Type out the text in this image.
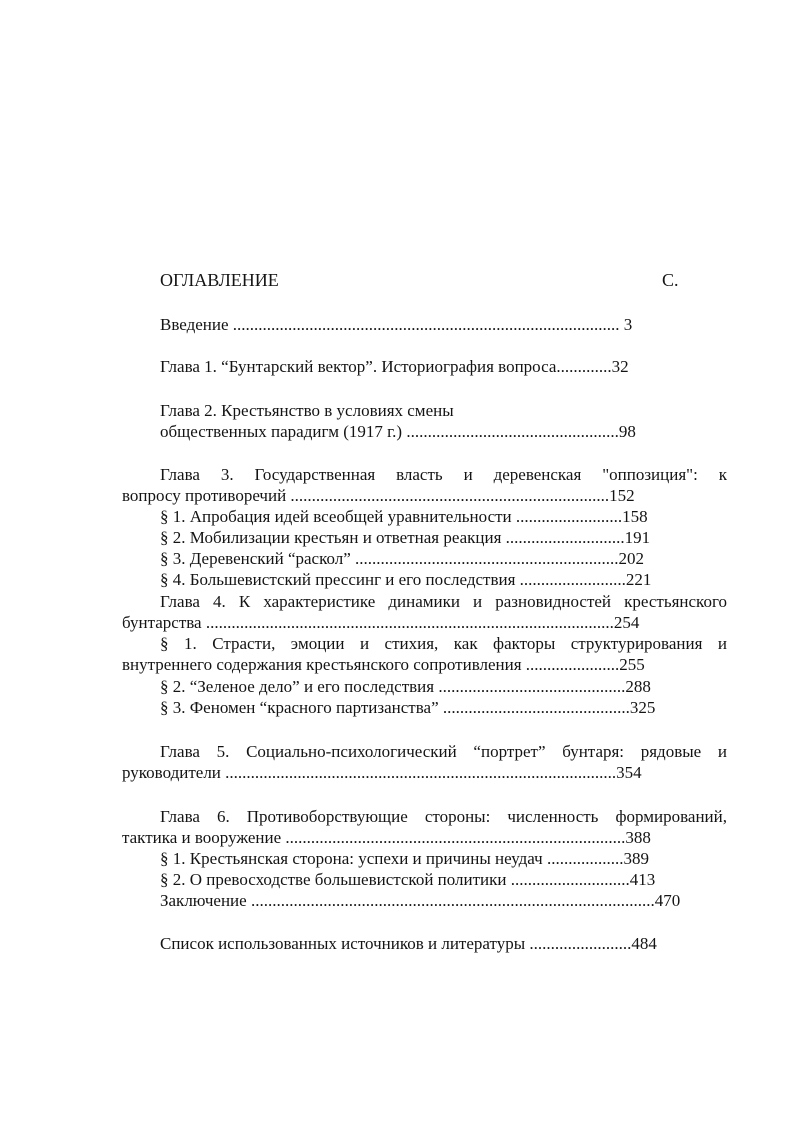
ОГЛАВЛЕНИЕ	С.
Введение ........................................................................................... 3
Глава 1. “Бунтарский вектор”. Историография вопроса.............32
Глава 2. Крестьянство в условиях смены
общественных парадигм (1917 г.) ..................................................98
Глава 3. Государственная власть и деревенская "оппозиция": к
вопросу противоречий ...........................................................................152
§ 1. Апробация идей всеобщей уравнительности .........................158
§ 2. Мобилизации крестьян и ответная реакция ............................191
§ 3. Деревенский “раскол” ..............................................................202
§ 4. Большевистский прессинг и его последствия .........................221
Глава 4. К характеристике динамики и разновидностей крестьянского
бунтарства ................................................................................................254
§ 1. Страсти, эмоции и стихия, как факторы структурирования и
внутреннего содержания крестьянского сопротивления ......................255
§ 2. “Зеленое дело” и его последствия ............................................288
§ 3. Феномен “красного партизанства” ............................................325
Глава 5. Социально-психологический “портрет” бунтаря: рядовые и
руководители ............................................................................................354
Глава 6. Противоборствующие стороны: численность формирований,
тактика и вооружение ................................................................................388
§ 1. Крестьянская сторона: успехи и причины неудач ..................389
§ 2. О превосходстве большевистской политики ............................413
Заключение ...............................................................................................470
Список использованных источников и литературы ........................484
